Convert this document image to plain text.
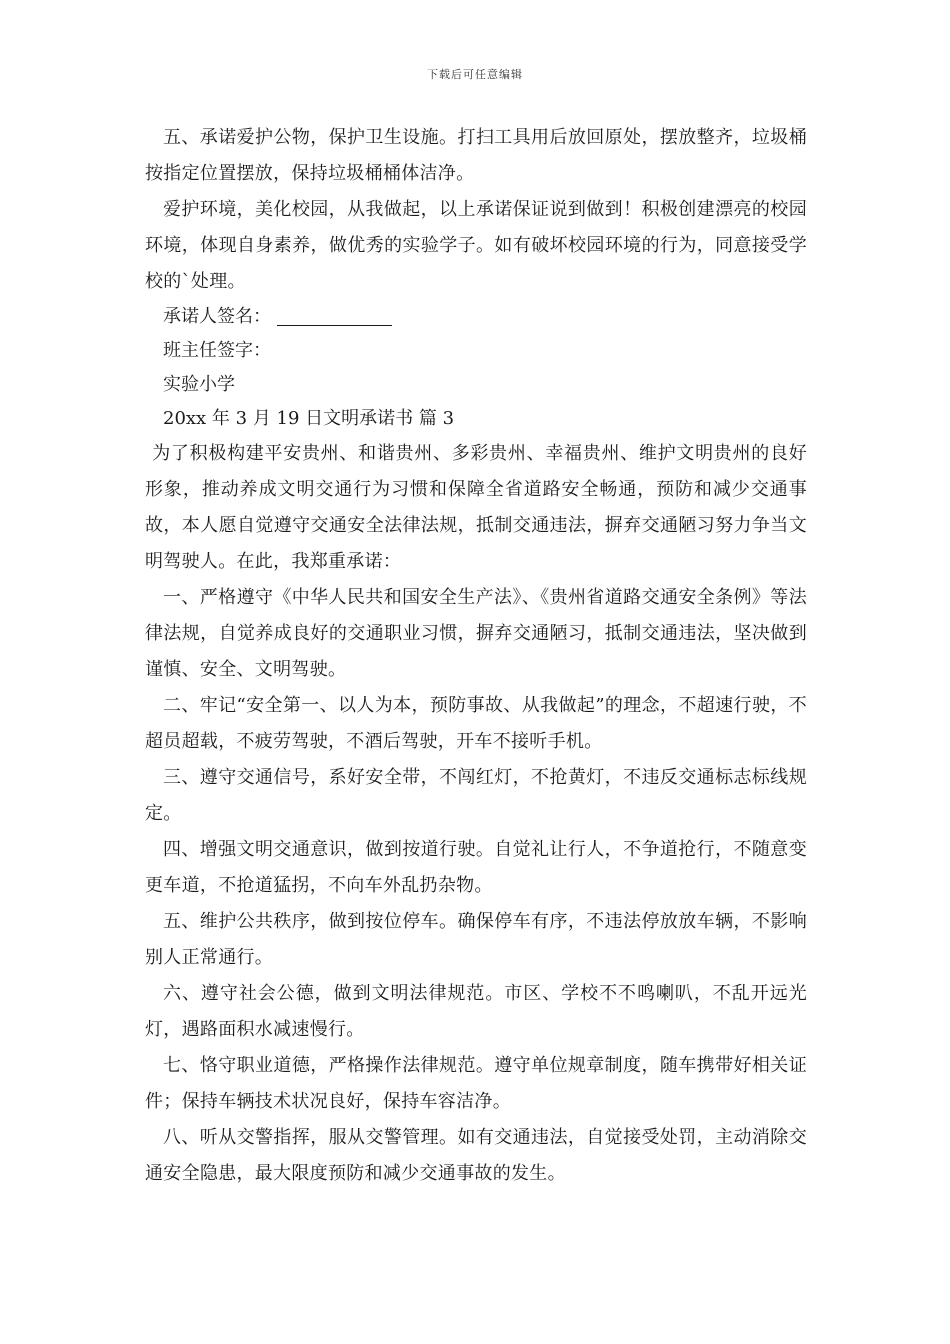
下载后可任意编辑

五、承诺爱护公物，保护卫生设施。打扫工具用后放回原处，摆放整齐，垃圾桶按指定位置摆放，保持垃圾桶桶体洁净。

爱护环境，美化校园，从我做起，以上承诺保证说到做到！积极创建漂亮的校园环境，体现自身素养，做优秀的实验学子。如有破坏校园环境的行为，同意接受学校的`处理。

承诺人签名：

班主任签字：

实验小学

20xx 年 3 月 19 日文明承诺书 篇 3

为了积极构建平安贵州、和谐贵州、多彩贵州、幸福贵州、维护文明贵州的良好形象，推动养成文明交通行为习惯和保障全省道路安全畅通，预防和减少交通事故，本人愿自觉遵守交通安全法律法规，抵制交通违法，摒弃交通陋习努力争当文明驾驶人。在此，我郑重承诺：

一、严格遵守《中华人民共和国安全生产法》、《贵州省道路交通安全条例》等法律法规，自觉养成良好的交通职业习惯，摒弃交通陋习，抵制交通违法，坚决做到谨慎、安全、文明驾驶。

二、牢记“安全第一、以人为本，预防事故、从我做起”的理念，不超速行驶，不超员超载，不疲劳驾驶，不酒后驾驶，开车不接听手机。

三、遵守交通信号，系好安全带，不闯红灯，不抢黄灯，不违反交通标志标线规定。

四、增强文明交通意识，做到按道行驶。自觉礼让行人，不争道抢行，不随意变更车道，不抢道猛拐，不向车外乱扔杂物。

五、维护公共秩序，做到按位停车。确保停车有序，不违法停放放车辆，不影响别人正常通行。

六、遵守社会公德，做到文明法律规范。市区、学校不不鸣喇叭，不乱开远光灯，遇路面积水减速慢行。

七、恪守职业道德，严格操作法律规范。遵守单位规章制度，随车携带好相关证件；保持车辆技术状况良好，保持车容洁净。

八、听从交警指挥，服从交警管理。如有交通违法，自觉接受处罚，主动消除交通安全隐患，最大限度预防和减少交通事故的发生。
